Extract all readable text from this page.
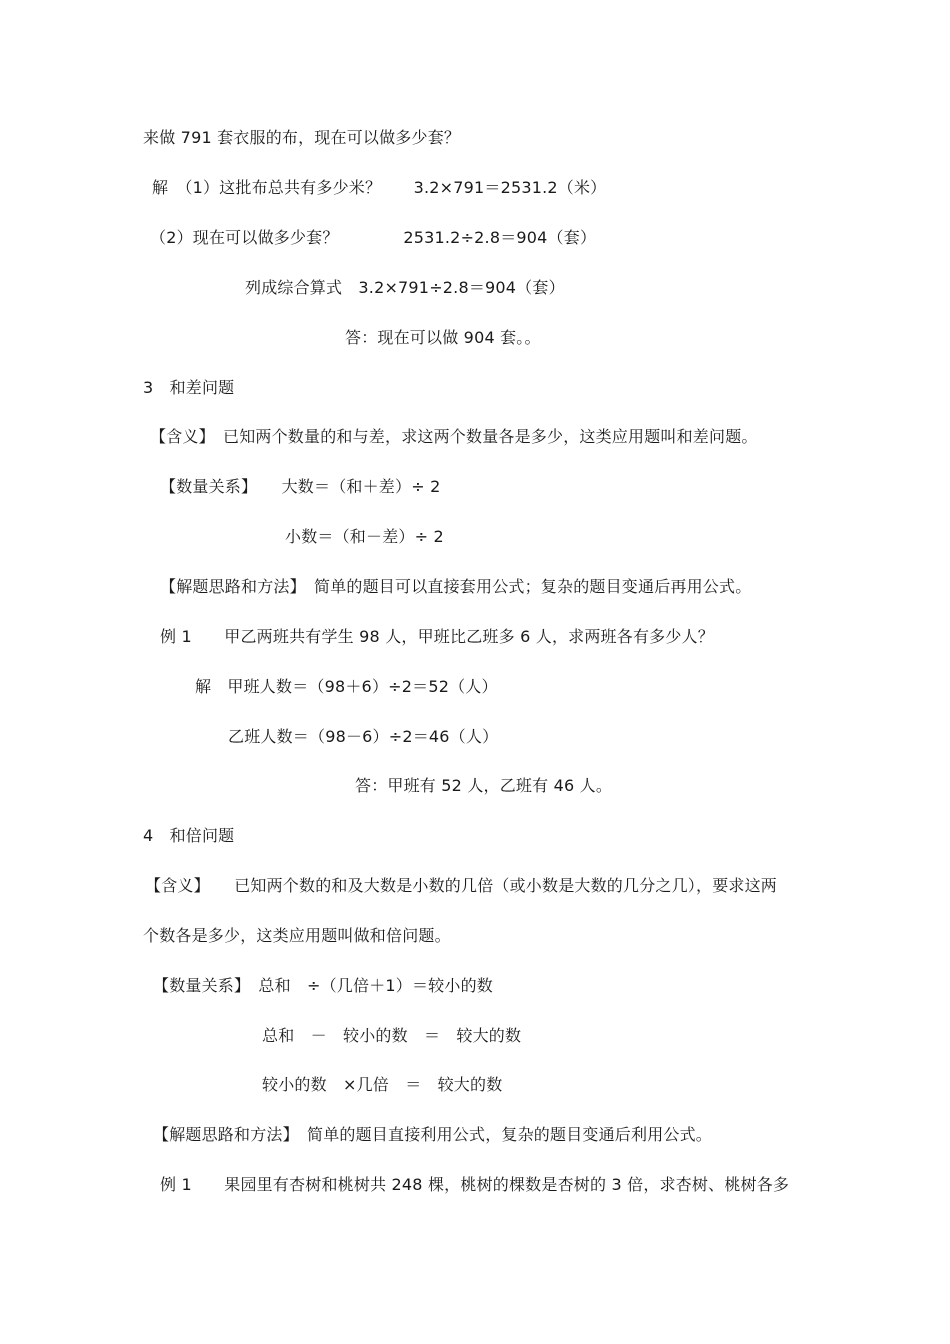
来做 791 套衣服的布，现在可以做多少套？
解　（1）这批布总共有多少米？　　3.2×791＝2531.2（米）
（2）现在可以做多少套？　　　　2531.2÷2.8＝904（套）
列成综合算式　3.2×791÷2.8＝904（套）
答：现在可以做 904 套。。
3　和差问题
【含义】　已知两个数量的和与差，求这两个数量各是多少，这类应用题叫和差问题。
【数量关系】　　大数＝（和＋差）÷ 2
小数＝（和－差）÷ 2
【解题思路和方法】　简单的题目可以直接套用公式；复杂的题目变通后再用公式。
例 1　　甲乙两班共有学生 98 人，甲班比乙班多 6 人，求两班各有多少人？
解　甲班人数＝（98＋6）÷2＝52（人）
乙班人数＝（98－6）÷2＝46（人）
答：甲班有 52 人，乙班有 46 人。
4　和倍问题
【含义】　　已知两个数的和及大数是小数的几倍（或小数是大数的几分之几），要求这两
个数各是多少，这类应用题叫做和倍问题。
【数量关系】　总和　÷（几倍＋1）＝较小的数
总和　－　较小的数　＝　较大的数
较小的数　×几倍　＝　较大的数
【解题思路和方法】　简单的题目直接利用公式，复杂的题目变通后利用公式。
例 1　　果园里有杏树和桃树共 248 棵，桃树的棵数是杏树的 3 倍，求杏树、桃树各多
